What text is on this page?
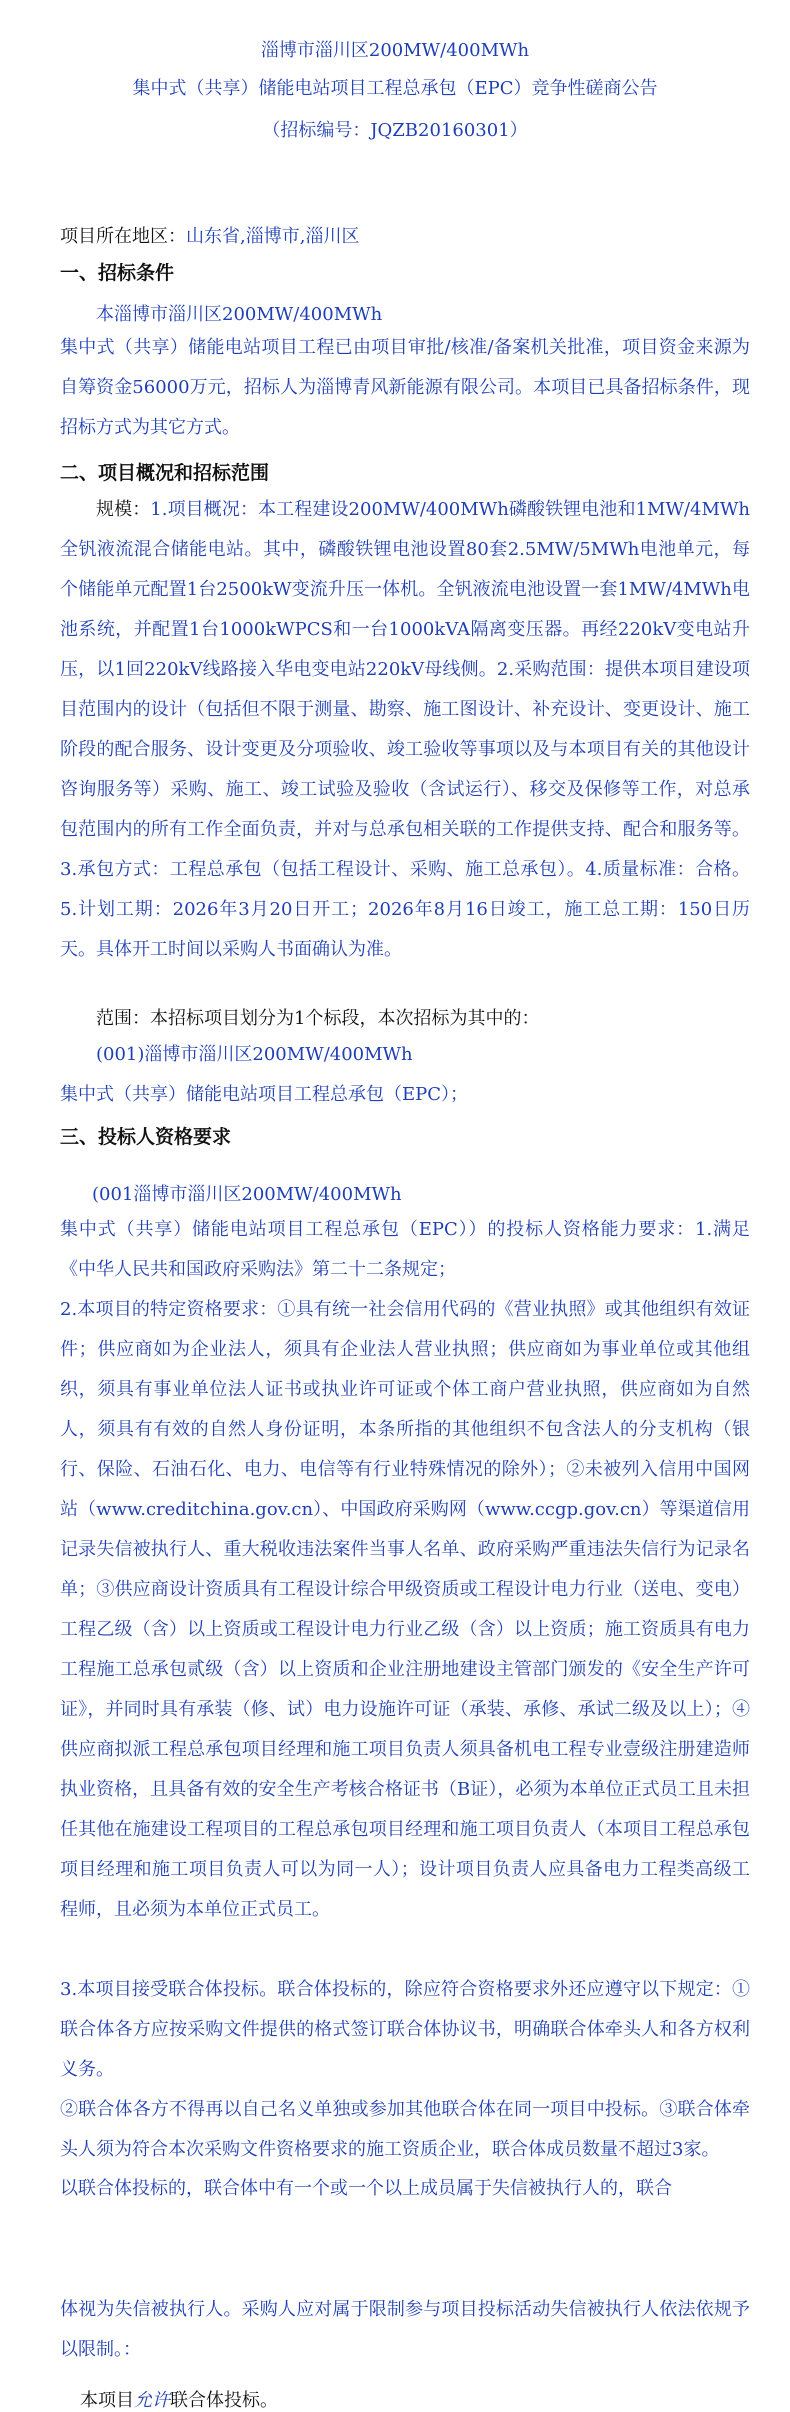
淄博市淄川区200MW/400MWh
集中式（共享）储能电站项目工程总承包（EPC）竞争性磋商公告
（招标编号：JQZB20160301）
项目所在地区：山东省,淄博市,淄川区
一、招标条件
本淄博市淄川区200MW/400MWh
集中式（共享）储能电站项目工程已由项目审批/核准/备案机关批准，项目资金来源为自筹资金56000万元，招标人为淄博青风新能源有限公司。本项目已具备招标条件，现招标方式为其它方式。
二、项目概况和招标范围
规模：1.项目概况：本工程建设200MW/400MWh磷酸铁锂电池和1MW/4MWh全钒液流混合储能电站。其中，磷酸铁锂电池设置80套2.5MW/5MWh电池单元，每个储能单元配置1台2500kW变流升压一体机。全钒液流电池设置一套1MW/4MWh电池系统，并配置1台1000kWPCS和一台1000kVA隔离变压器。再经220kV变电站升压，以1回220kV线路接入华电变电站220kV母线侧。2.采购范围：提供本项目建设项目范围内的设计（包括但不限于测量、勘察、施工图设计、补充设计、变更设计、施工阶段的配合服务、设计变更及分项验收、竣工验收等事项以及与本项目有关的其他设计咨询服务等）采购、施工、竣工试验及验收（含试运行）、移交及保修等工作，对总承包范围内的所有工作全面负责，并对与总承包相关联的工作提供支持、配合和服务等。3.承包方式：工程总承包（包括工程设计、采购、施工总承包）。4.质量标准：合格。5.计划工期：2026年3月20日开工；2026年8月16日竣工，施工总工期：150日历天。具体开工时间以采购人书面确认为准。
范围：本招标项目划分为1个标段，本次招标为其中的：
(001)淄博市淄川区200MW/400MWh
集中式（共享）储能电站项目工程总承包（EPC）；
三、投标人资格要求
(001淄博市淄川区200MW/400MWh
集中式（共享）储能电站项目工程总承包（EPC））的投标人资格能力要求：1.满足《中华人民共和国政府采购法》第二十二条规定；
2.本项目的特定资格要求：①具有统一社会信用代码的《营业执照》或其他组织有效证件；供应商如为企业法人，须具有企业法人营业执照；供应商如为事业单位或其他组织，须具有事业单位法人证书或执业许可证或个体工商户营业执照，供应商如为自然人，须具有有效的自然人身份证明，本条所指的其他组织不包含法人的分支机构（银行、保险、石油石化、电力、电信等有行业特殊情况的除外）；②未被列入信用中国网站（www.creditchina.gov.cn）、中国政府采购网（www.ccgp.gov.cn）等渠道信用记录失信被执行人、重大税收违法案件当事人名单、政府采购严重违法失信行为记录名单；③供应商设计资质具有工程设计综合甲级资质或工程设计电力行业（送电、变电）工程乙级（含）以上资质或工程设计电力行业乙级（含）以上资质；施工资质具有电力工程施工总承包贰级（含）以上资质和企业注册地建设主管部门颁发的《安全生产许可证》，并同时具有承装（修、试）电力设施许可证（承装、承修、承试二级及以上）；④供应商拟派工程总承包项目经理和施工项目负责人须具备机电工程专业壹级注册建造师执业资格，且具备有效的安全生产考核合格证书（B证），必须为本单位正式员工且未担任其他在施建设工程项目的工程总承包项目经理和施工项目负责人（本项目工程总承包项目经理和施工项目负责人可以为同一人）；设计项目负责人应具备电力工程类高级工程师，且必须为本单位正式员工。
3.本项目接受联合体投标。联合体投标的，除应符合资格要求外还应遵守以下规定：①联合体各方应按采购文件提供的格式签订联合体协议书，明确联合体牵头人和各方权利义务。
②联合体各方不得再以自己名义单独或参加其他联合体在同一项目中投标。③联合体牵头人须为符合本次采购文件资格要求的施工资质企业，联合体成员数量不超过3家。
以联合体投标的，联合体中有一个或一个以上成员属于失信被执行人的，联合
体视为失信被执行人。采购人应对属于限制参与项目投标活动失信被执行人依法依规予以限制。：
本项目允许联合体投标。
